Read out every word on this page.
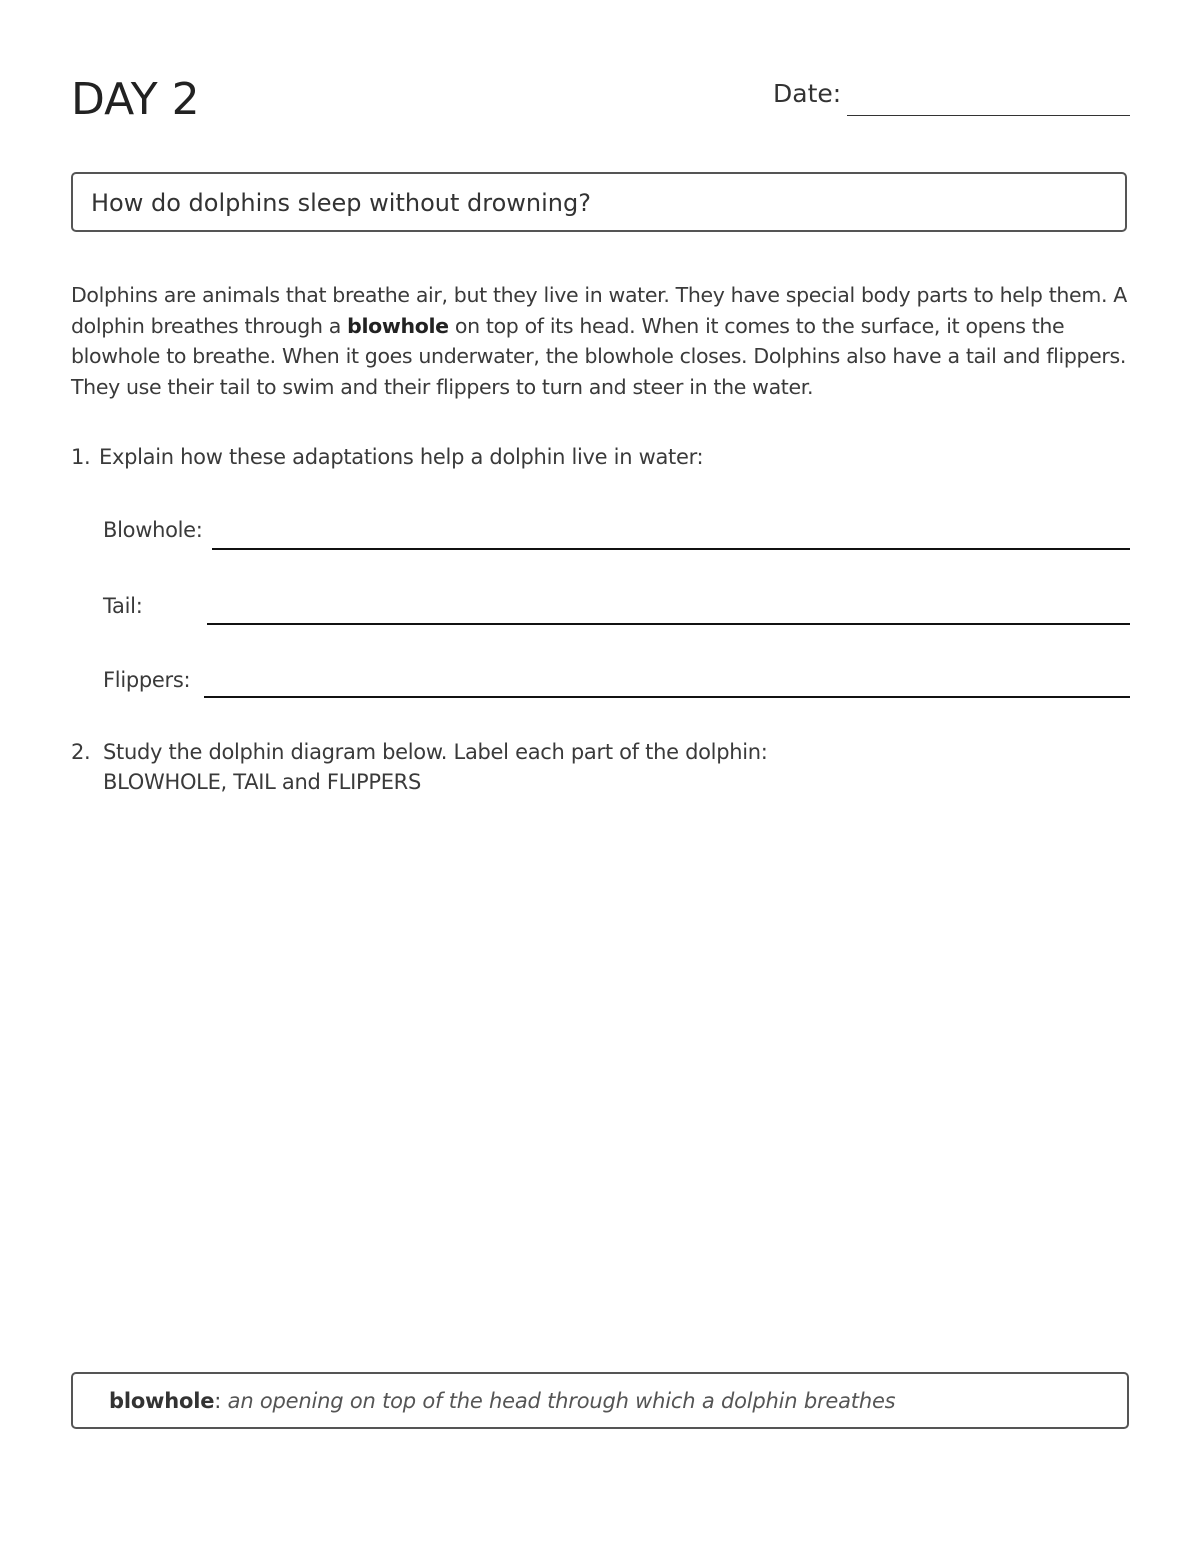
DAY 2	Date:
How do dolphins sleep without drowning?
Dolphins are animals that breathe air, but they live in water. They have special body parts to help them. A dolphin breathes through a blowhole on top of its head. When it comes to the surface, it opens the blowhole to breathe. When it goes underwater, the blowhole closes. Dolphins also have a tail and flippers. They use their tail to swim and their flippers to turn and steer in the water.
1. Explain how these adaptations help a dolphin live in water:
Blowhole:
Tail:
Flippers:
2. Study the dolphin diagram below. Label each part of the dolphin:
BLOWHOLE, TAIL and FLIPPERS
blowhole: an opening on top of the head through which a dolphin breathes
